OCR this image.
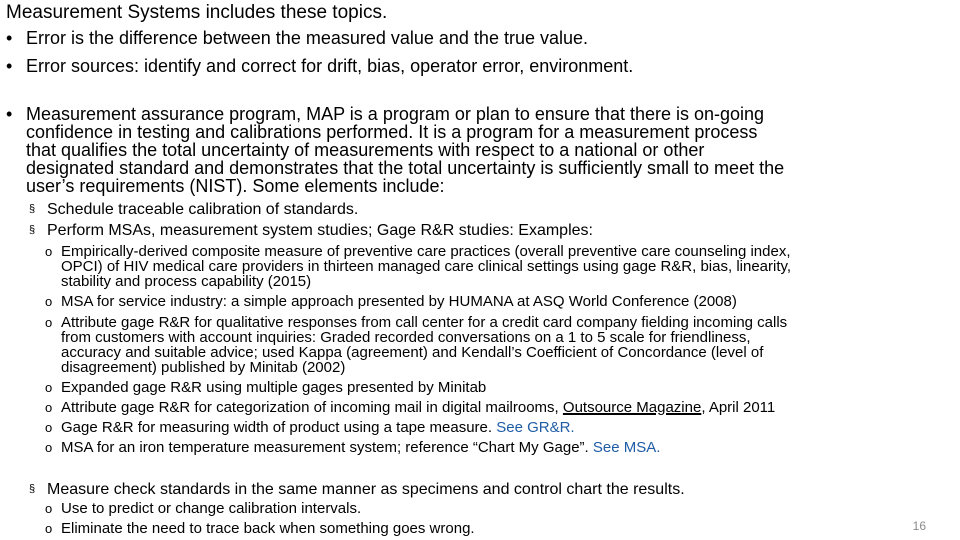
Measurement Systems includes these topics.
• Error is the difference between the measured value and the true value.
• Error sources: identify and correct for drift, bias, operator error, environment.
• Measurement assurance program, MAP is a program or plan to ensure that there is on-going
confidence in testing and calibrations performed. It is a program for a measurement process
that qualifies the total uncertainty of measurements with respect to a national or other
designated standard and demonstrates that the total uncertainty is sufficiently small to meet the
user’s requirements (NIST). Some elements include:
§ Schedule traceable calibration of standards.
§ Perform MSAs, measurement system studies; Gage R&R studies: Examples:
o Empirically-derived composite measure of preventive care practices (overall preventive care counseling index,
OPCI) of HIV medical care providers in thirteen managed care clinical settings using gage R&R, bias, linearity,
stability and process capability (2015)
o MSA for service industry: a simple approach presented by HUMANA at ASQ World Conference (2008)
o Attribute gage R&R for qualitative responses from call center for a credit card company fielding incoming calls
from customers with account inquiries: Graded recorded conversations on a 1 to 5 scale for friendliness,
accuracy and suitable advice; used Kappa (agreement) and Kendall’s Coefficient of Concordance (level of
disagreement) published by Minitab (2002)
o Expanded gage R&R using multiple gages presented by Minitab
o Attribute gage R&R for categorization of incoming mail in digital mailrooms, Outsource Magazine, April 2011
o Gage R&R for measuring width of product using a tape measure. See GR&R.
o MSA for an iron temperature measurement system; reference “Chart My Gage”. See MSA.
§ Measure check standards in the same manner as specimens and control chart the results.
o Use to predict or change calibration intervals.
o Eliminate the need to trace back when something goes wrong.	16
